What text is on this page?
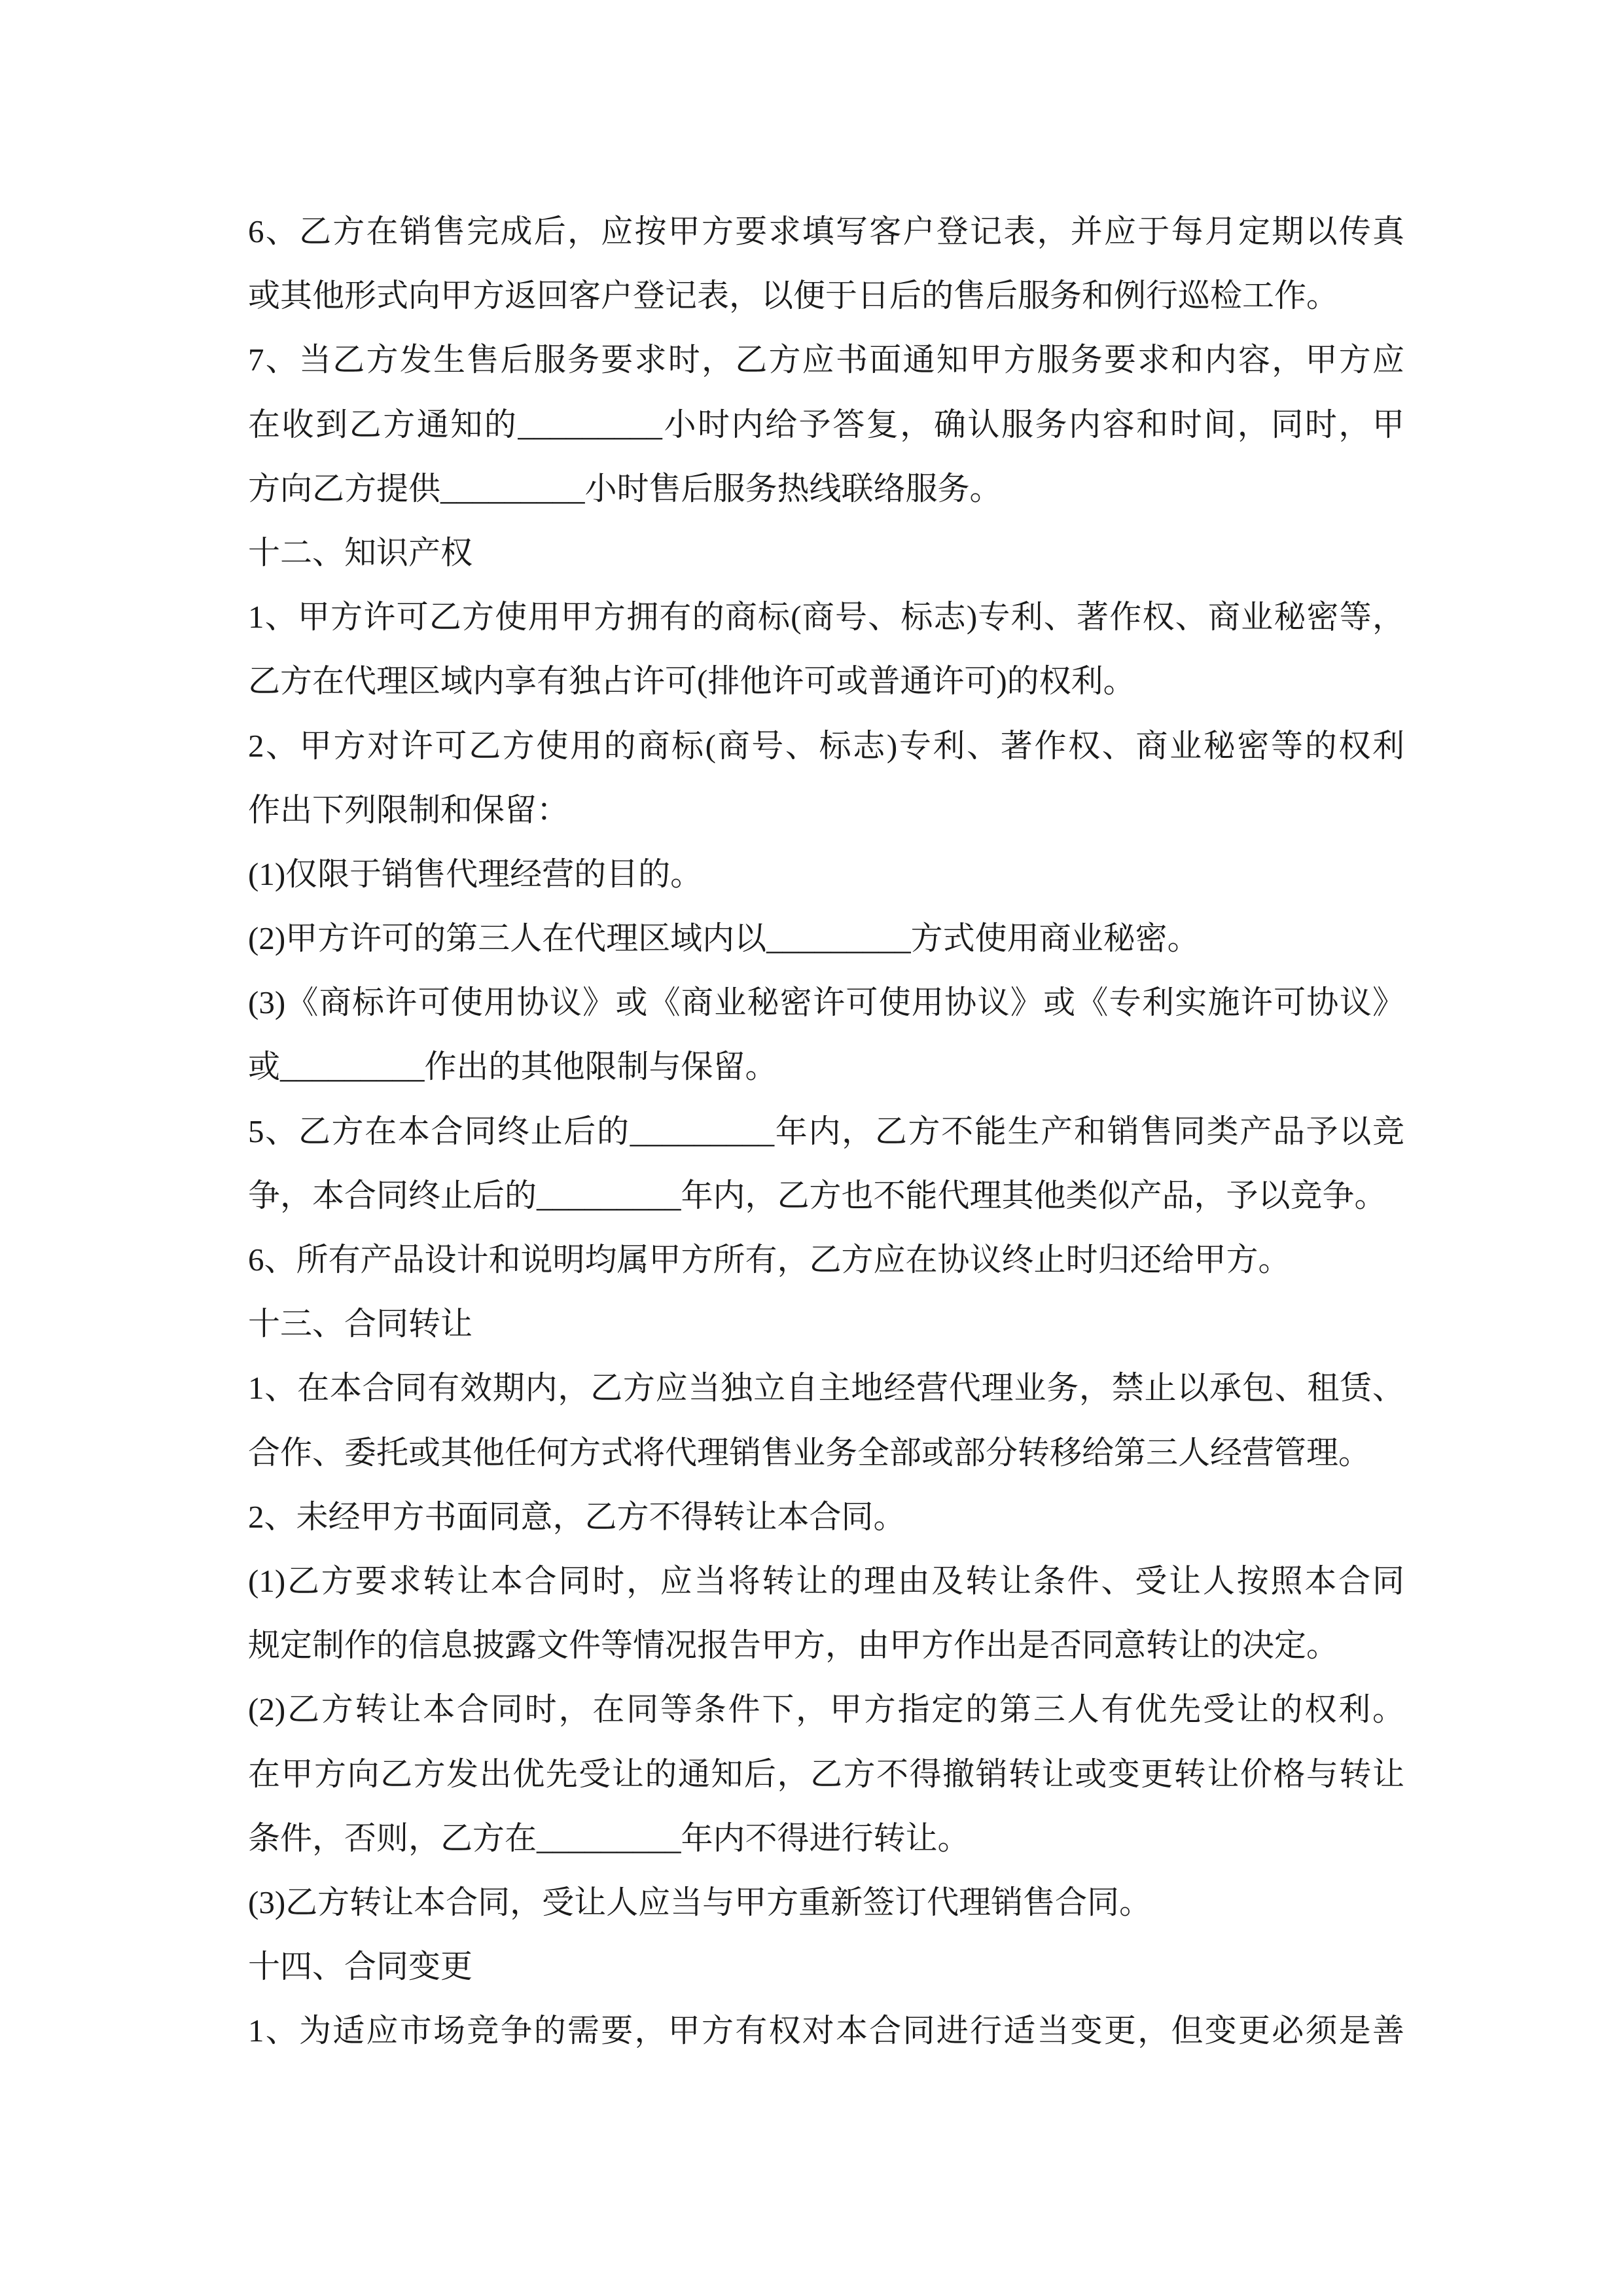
6、乙方在销售完成后，应按甲方要求填写客户登记表，并应于每月定期以传真
或其他形式向甲方返回客户登记表，以便于日后的售后服务和例行巡检工作。
7、当乙方发生售后服务要求时，乙方应书面通知甲方服务要求和内容，甲方应
在收到乙方通知的_________小时内给予答复，确认服务内容和时间，同时，甲
方向乙方提供_________小时售后服务热线联络服务。
十二、知识产权
1、甲方许可乙方使用甲方拥有的商标(商号、标志)专利、著作权、商业秘密等，
乙方在代理区域内享有独占许可(排他许可或普通许可)的权利。
2、甲方对许可乙方使用的商标(商号、标志)专利、著作权、商业秘密等的权利
作出下列限制和保留：
(1)仅限于销售代理经营的目的。
(2)甲方许可的第三人在代理区域内以_________方式使用商业秘密。
(3)《商标许可使用协议》或《商业秘密许可使用协议》或《专利实施许可协议》
或_________作出的其他限制与保留。
5、乙方在本合同终止后的_________年内，乙方不能生产和销售同类产品予以竞
争，本合同终止后的_________年内，乙方也不能代理其他类似产品，予以竞争。
6、所有产品设计和说明均属甲方所有，乙方应在协议终止时归还给甲方。
十三、合同转让
1、在本合同有效期内，乙方应当独立自主地经营代理业务，禁止以承包、租赁、
合作、委托或其他任何方式将代理销售业务全部或部分转移给第三人经营管理。
2、未经甲方书面同意，乙方不得转让本合同。
(1)乙方要求转让本合同时，应当将转让的理由及转让条件、受让人按照本合同
规定制作的信息披露文件等情况报告甲方，由甲方作出是否同意转让的决定。
(2)乙方转让本合同时，在同等条件下，甲方指定的第三人有优先受让的权利。
在甲方向乙方发出优先受让的通知后，乙方不得撤销转让或变更转让价格与转让
条件，否则，乙方在_________年内不得进行转让。
(3)乙方转让本合同，受让人应当与甲方重新签订代理销售合同。
十四、合同变更
1、为适应市场竞争的需要，甲方有权对本合同进行适当变更，但变更必须是善
